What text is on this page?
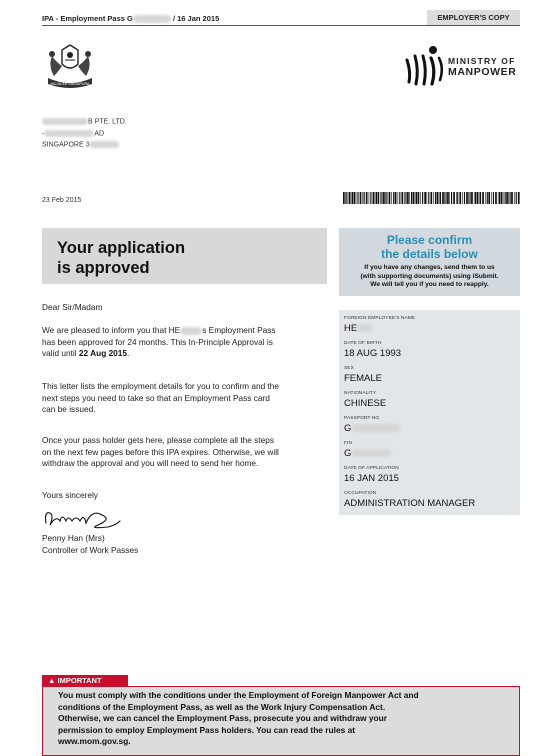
IPA - Employment Pass G	/ 16 Jan 2015	EMPLOYER'S COPY
MAJULAH SINGAPURA
MINISTRY OF
MANPOWER
B PTE. LTD.
-	AD
SINGAPORE 3
23 Feb 2015
Your application
is approved
Please confirm
the details below
If you have any changes, send them to us
(with supporting documents) using iSubmit.
We will tell you if you need to reapply.
FOREIGN EMPLOYEE'S NAME
HE
DATE OF BIRTH
18 AUG 1993
SEX
FEMALE
NATIONALITY
CHINESE
PASSPORT NO
G
FIN
G
DATE OF APPLICATION
16 JAN 2015
OCCUPATION
ADMINISTRATION MANAGER
Dear Sir/Madam
We are pleased to inform you that HE	s Employment Pass
has been approved for 24 months. This In-Principle Approval is
valid until 22 Aug 2015.
This letter lists the employment details for you to confirm and the
next steps you need to take so that an Employment Pass card
can be issued.
Once your pass holder gets here, please complete all the steps
on the next few pages before this IPA expires. Otherwise, we will
withdraw the approval and you will need to send her home.
Yours sincerely
Penny Han (Mrs)
Controller of Work Passes
▲ IMPORTANT
You must comply with the conditions under the Employment of Foreign Manpower Act and
conditions of the Employment Pass, as well as the Work Injury Compensation Act.
Otherwise, we can cancel the Employment Pass, prosecute you and withdraw your
permission to employ Employment Pass holders. You can read the rules at
www.mom.gov.sg.
